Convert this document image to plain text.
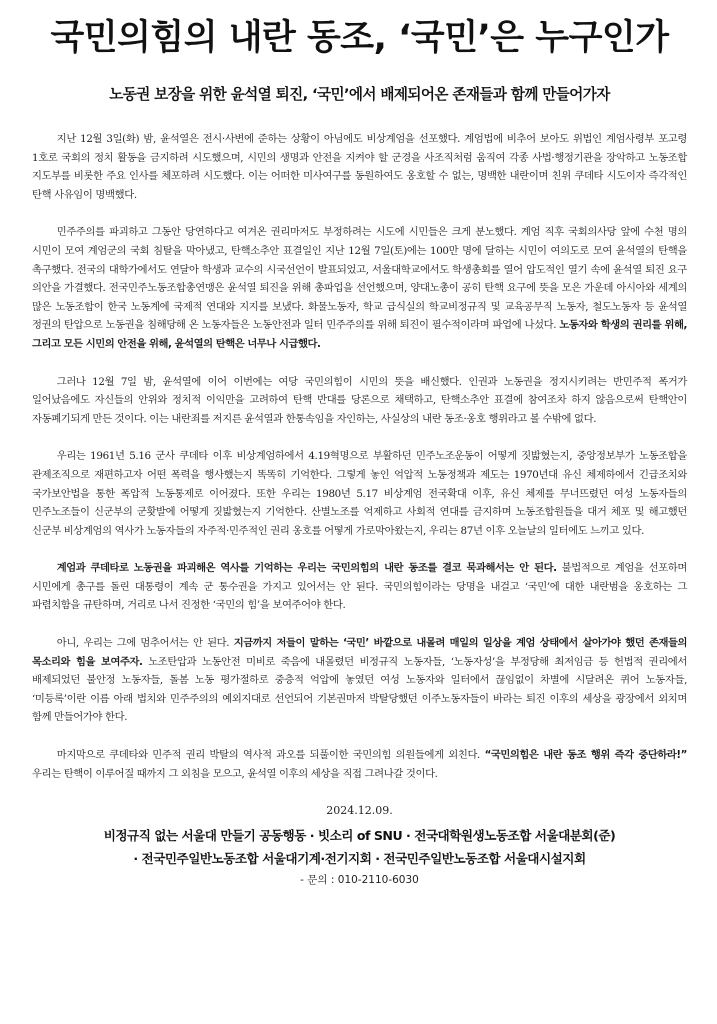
국민의힘의 내란 동조, ‘국민’은 누구인가
노동권 보장을 위한 윤석열 퇴진, ‘국민’에서 배제되어온 존재들과 함께 만들어가자

지난 12월 3일(화) 밤, 윤석열은 전시·사변에 준하는 상황이 아님에도 비상계엄을 선포했다. 계엄법에 비추어 보아도 위법인 계엄사령부 포고령 1호로 국회의 정치 활동을 금지하려 시도했으며, 시민의 생명과 안전을 지켜야 할 군경을 사조직처럼 움직여 각종 사법·행정기관을 장악하고 노동조합 지도부를 비롯한 주요 인사를 체포하려 시도했다. 이는 어떠한 미사여구를 동원하여도 옹호할 수 없는, 명백한 내란이며 친위 쿠데타 시도이자 즉각적인 탄핵 사유임이 명백했다.

민주주의를 파괴하고 그동안 당연하다고 여겨온 권리마저도 부정하려는 시도에 시민들은 크게 분노했다. 계엄 직후 국회의사당 앞에 수천 명의 시민이 모여 계엄군의 국회 침탈을 막아냈고, 탄핵소추안 표결일인 지난 12월 7일(토)에는 100만 명에 달하는 시민이 여의도로 모여 윤석열의 탄핵을 촉구했다. 전국의 대학가에서도 연달아 학생과 교수의 시국선언이 발표되었고, 서울대학교에서도 학생총회를 열어 압도적인 열기 속에 윤석열 퇴진 요구 의안을 가결했다. 전국민주노동조합총연맹은 윤석열 퇴진을 위해 총파업을 선언했으며, 양대노총이 공히 탄핵 요구에 뜻을 모은 가운데 아시아와 세계의 많은 노동조합이 한국 노동계에 국제적 연대와 지지를 보냈다. 화물노동자, 학교 급식실의 학교비정규직 및 교육공무직 노동자, 철도노동자 등 윤석열 정권의 탄압으로 노동권을 침해당해 온 노동자들은 노동안전과 일터 민주주의를 위해 퇴진이 필수적이라며 파업에 나섰다. 노동자와 학생의 권리를 위해, 그리고 모든 시민의 안전을 위해, 윤석열의 탄핵은 너무나 시급했다.

그러나 12월 7일 밤, 윤석열에 이어 이번에는 여당 국민의힘이 시민의 뜻을 배신했다. 인권과 노동권을 정지시키려는 반민주적 폭거가 일어났음에도 자신들의 안위와 정치적 이익만을 고려하여 탄핵 반대를 당론으로 채택하고, 탄핵소추안 표결에 참여조차 하지 않음으로써 탄핵안이 자동폐기되게 만든 것이다. 이는 내란죄를 저지른 윤석열과 한통속임을 자인하는, 사실상의 내란 동조·옹호 행위라고 볼 수밖에 없다.

우리는 1961년 5.16 군사 쿠데타 이후 비상계엄하에서 4.19혁명으로 부활하던 민주노조운동이 어떻게 짓밟혔는지, 중앙정보부가 노동조합을 관제조직으로 재편하고자 어떤 폭력을 행사했는지 똑똑히 기억한다. 그렇게 놓인 억압적 노동정책과 제도는 1970년대 유신 체제하에서 긴급조치와 국가보안법을 통한 폭압적 노동통제로 이어졌다. 또한 우리는 1980년 5.17 비상계엄 전국확대 이후, 유신 체제를 무너뜨렸던 여성 노동자들의 민주노조들이 신군부의 군홧발에 어떻게 짓밟혔는지 기억한다. 산별노조를 억제하고 사회적 연대를 금지하며 노동조합원들을 대거 체포 및 해고했던 신군부 비상계엄의 역사가 노동자들의 자주적·민주적인 권리 옹호를 어떻게 가로막아왔는지, 우리는 87년 이후 오늘날의 일터에도 느끼고 있다.

계엄과 쿠데타로 노동권을 파괴해온 역사를 기억하는 우리는 국민의힘의 내란 동조를 결코 묵과해서는 안 된다. 불법적으로 계엄을 선포하며 시민에게 총구를 돌린 대통령이 계속 군 통수권을 가지고 있어서는 안 된다. 국민의힘이라는 당명을 내걸고 ‘국민’에 대한 내란범을 옹호하는 그 파렴치함을 규탄하며, 거리로 나서 진정한 ‘국민의 힘’을 보여주어야 한다.

아니, 우리는 그에 멈추어서는 안 된다. 지금까지 저들이 말하는 ‘국민’ 바깥으로 내몰려 매일의 일상을 계엄 상태에서 살아가야 했던 존재들의 목소리와 힘을 보여주자. 노조탄압과 노동안전 미비로 죽음에 내몰렸던 비정규직 노동자들, ‘노동자성’을 부정당해 최저임금 등 헌법적 권리에서 배제되었던 불안정 노동자들, 돌봄 노동 평가절하로 중층적 억압에 놓였던 여성 노동자와 일터에서 끊임없이 차별에 시달려온 퀴어 노동자들, ‘미등록’이란 이름 아래 법치와 민주주의의 예외지대로 선언되어 기본권마저 박탈당했던 이주노동자들이 바라는 퇴진 이후의 세상을 광장에서 외치며 함께 만들어가야 한다.

마지막으로 쿠데타와 민주적 권리 박탈의 역사적 과오를 되풀이한 국민의힘 의원들에게 외친다. “국민의힘은 내란 동조 행위 즉각 중단하라!” 우리는 탄핵이 이루어질 때까지 그 외침을 모으고, 윤석열 이후의 세상을 직접 그려나갈 것이다.

2024.12.09.
비정규직 없는 서울대 만들기 공동행동 · 빗소리 of SNU · 전국대학원생노동조합 서울대분회(준)
· 전국민주일반노동조합 서울대기계·전기지회 · 전국민주일반노동조합 서울대시설지회
- 문의 : 010-2110-6030
